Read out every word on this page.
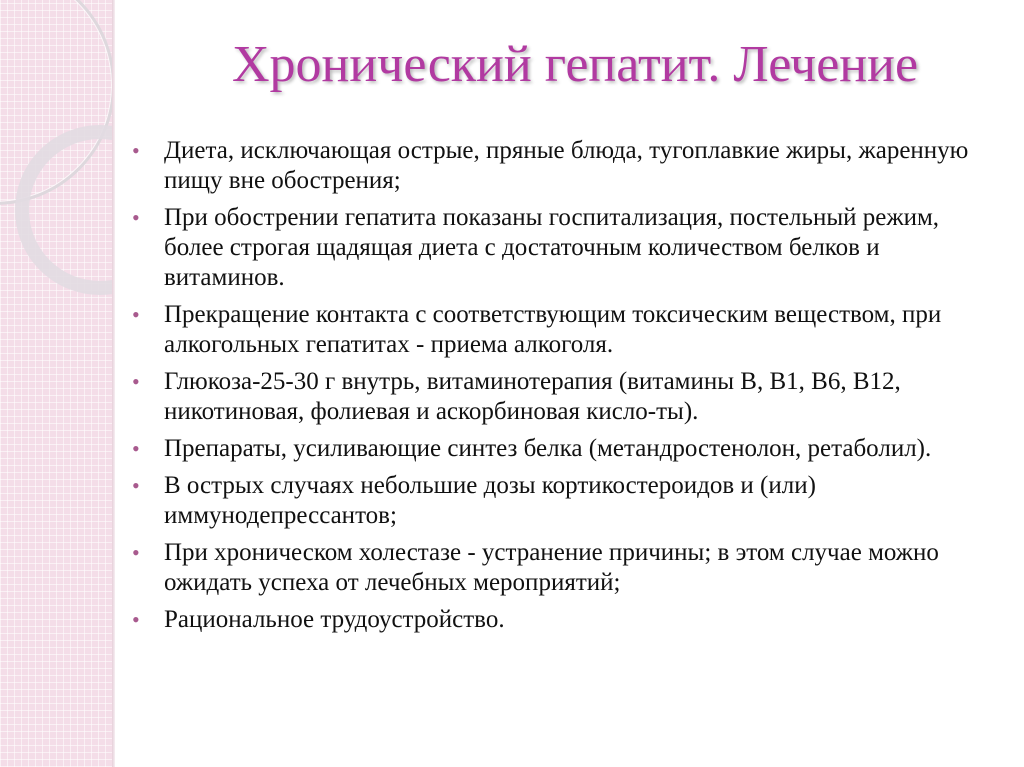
Хронический гепатит. Лечение
• Диета, исключающая острые, пряные блюда, тугоплавкие жиры, жаренную пищу вне обострения;
• При обострении гепатита показаны госпитализация, постельный режим, более строгая щадящая диета с достаточным количеством белков и витаминов.
• Прекращение контакта с соответствующим токсическим веществом, при алкогольных гепатитах - приема алкоголя.
• Глюкоза-25-30 г внутрь, витаминотерапия (витамины В, В1, В6, В12, никотиновая, фолиевая и аскорбиновая кисло-ты).
• Препараты, усиливающие синтез белка (метандростенолон, ретаболил).
• В острых случаях небольшие дозы кортикостероидов и (или) иммунодепрессантов;
• При хроническом холестазе - устранение причины; в этом случае можно ожидать успеха от лечебных мероприятий;
• Рациональное трудоустройство.
